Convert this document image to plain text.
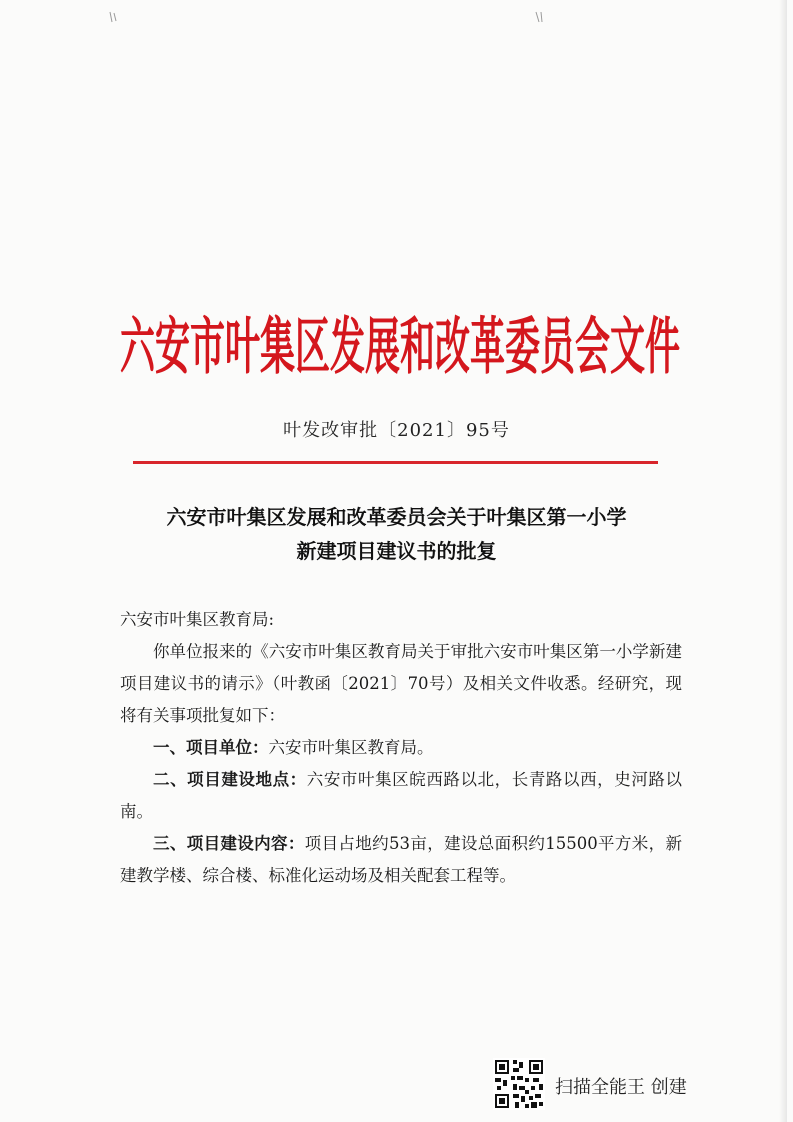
六安市叶集区发展和改革委员会文件
叶发改审批〔2021〕95号
六安市叶集区发展和改革委员会关于叶集区第一小学
新建项目建议书的批复

六安市叶集区教育局:

你单位报来的《六安市叶集区教育局关于审批六安市叶集区第一小学新建项目建议书的请示》（叶教函〔2021〕70号）及相关文件收悉。经研究，现将有关事项批复如下：

一、项目单位：六安市叶集区教育局。

二、项目建设地点：六安市叶集区皖西路以北，长青路以西，史河路以南。

三、项目建设内容：项目占地约53亩，建设总面积约15500平方米，新建教学楼、综合楼、标准化运动场及相关配套工程等。

扫描全能王 创建
